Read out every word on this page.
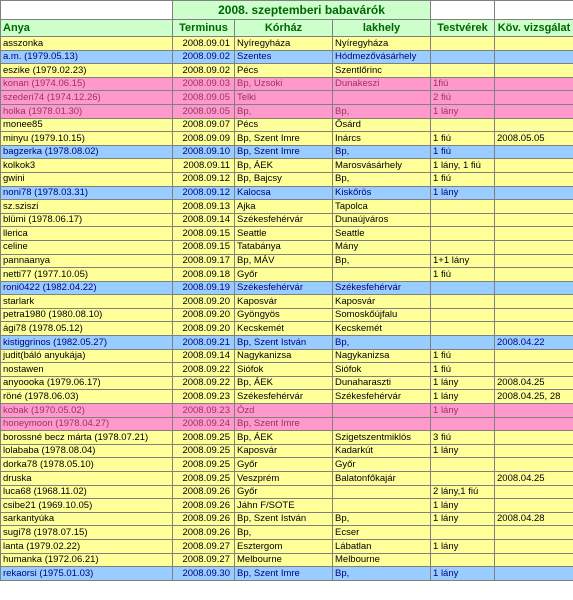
	2008. szeptemberi babavárók				
Anya	Terminus	Kórház	lakhely	Testvérek	Köv. vizsgálat
asszonka	2008.09.01	Nyíregyháza	Nyíregyháza		
a.m. (1979.05.13)	2008.09.02	Szentes	Hódmezővásárhely		
eszike (1979.02.23)	2008.09.02	Pécs	Szentlőrinc		
konan (1974.06.15)	2008.09.03	Bp, Uzsoki	Dunakeszi	1fiú	
szederi74 (1974.12.26)	2008.09.05	Telki		2 fiú	
holka (1978.01.30)	2008.09.05	Bp,	Bp,	1 lány	
monee85	2008.09.07	Pécs	Ősárd		
minyu (1979.10.15)	2008.09.09	Bp, Szent Imre	Inárcs	1 fiú	2008.05.05
bagzerka (1978.08.02)	2008.09.10	Bp, Szent Imre	Bp,	1 fiú	
kolkok3	2008.09.11	Bp, ÁEK	Marosvásárhely	1 lány, 1 fiú	
gwini	2008.09.12	Bp, Bajcsy	Bp,	1 fiú	
noni78 (1978.03.31)	2008.09.12	Kalocsa	Kiskőrös	1 lány	
sz.sziszi	2008.09.13	Ajka	Tapolca		
blümi (1978.06.17)	2008.09.14	Székesfehérvár	Dunaújváros		
llerica	2008.09.15	Seattle	Seattle		
celine	2008.09.15	Tatabánya	Mány		
pannaanya	2008.09.17	Bp, MÁV	Bp,	1+1 lány	
netti77 (1977.10.05)	2008.09.18	Győr		1 fiú	
roni0422 (1982.04.22)	2008.09.19	Székesfehérvár	Székesfehérvár		
starlark	2008.09.20	Kaposvár	Kaposvár		
petra1980 (1980.08.10)	2008.09.20	Gyöngyös	Somoskőújfalu		
ági78 (1978.05.12)	2008.09.20	Kecskemét	Kecskemét		
kistiggrinos (1982.05.27)	2008.09.21	Bp, Szent István	Bp,		2008.04.22
judit(báló anyukája)	2008.09.14	Nagykanizsa	Nagykanizsa	1 fiú	
nostawen	2008.09.22	Siófok	Siófok	1 fiú	
anyoooka (1979.06.17)	2008.09.22	Bp, ÁEK	Dunaharaszti	1 lány	2008.04.25
röné (1978.06.03)	2008.09.23	Székesfehérvár	Székesfehérvár	1 lány	2008.04.25, 28
kobak (1970.05.02)	2008.09.23	Ózd		1 lány	
honeymoon (1978.04.27)	2008.09.24	Bp, Szent Imre			
borossné becz márta (1978.07.21)	2008.09.25	Bp, ÁEK	Szigetszentmiklós	3 fiú	
lolababa (1978.08.04)	2008.09.25	Kaposvár	Kadarkút	1 lány	
dorka78 (1978.05.10)	2008.09.25	Győr	Győr		
druska	2008.09.25	Veszprém	Balatonfőkajár		2008.04.25
luca68 (1968.11.02)	2008.09.26	Győr		2 lány,1 fiú	
csibe21 (1969.10.05)	2008.09.26	Jáhn F/SOTE		1 lány	
sarkantyúka	2008.09.26	Bp, Szent István	Bp,	1 lány	2008.04.28
sugi78 (1978.07.15)	2008.09.26	Bp,	Ecser		
lanta (1979.02.22)	2008.09.27	Esztergom	Lábatlan	1 lány	
humanka (1972.06.21)	2008.09.27	Melbourne	Melbourne		
rekaorsi (1975.01.03)	2008.09.30	Bp, Szent Imre	Bp,	1 lány	
